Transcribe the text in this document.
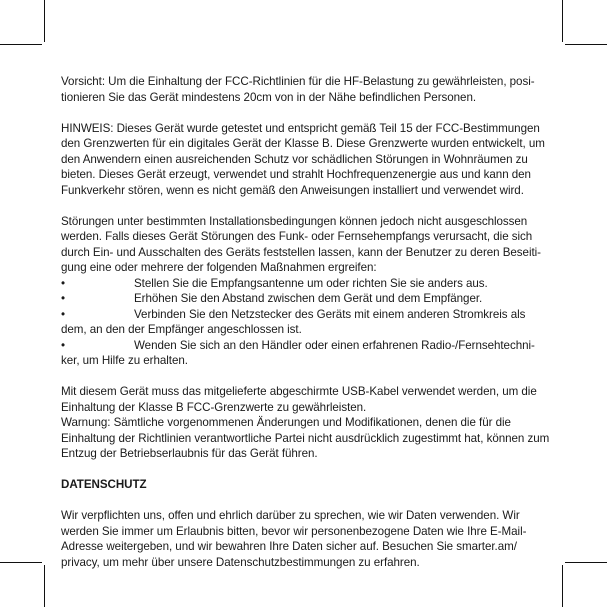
Vorsicht: Um die Einhaltung der FCC-Richtlinien für die HF-Belastung zu gewährleisten, posi- tionieren Sie das Gerät mindestens 20cm von in der Nähe befindlichen Personen.

HINWEIS: Dieses Gerät wurde getestet und entspricht gemäß Teil 15 der FCC-Bestimmungen den Grenzwerten für ein digitales Gerät der Klasse B. Diese Grenzwerte wurden entwickelt, um den Anwendern einen ausreichenden Schutz vor schädlichen Störungen in Wohnräumen zu bieten. Dieses Gerät erzeugt, verwendet und strahlt Hochfrequenzenergie aus und kann den Funkverkehr stören, wenn es nicht gemäß den Anweisungen installiert und verwendet wird.

Störungen unter bestimmten Installationsbedingungen können jedoch nicht ausgeschlossen werden. Falls dieses Gerät Störungen des Funk- oder Fernsehempfangs verursacht, die sich durch Ein- und Ausschalten des Geräts feststellen lassen, kann der Benutzer zu deren Beseiti- gung eine oder mehrere der folgenden Maßnahmen ergreifen:

•	Stellen Sie die Empfangsantenne um oder richten Sie sie anders aus.
•	Erhöhen Sie den Abstand zwischen dem Gerät und dem Empfänger.
•	Verbinden Sie den Netzstecker des Geräts mit einem anderen Stromkreis als dem, an den der Empfänger angeschlossen ist.
•	Wenden Sie sich an den Händler oder einen erfahrenen Radio-/Fernsehtechni- ker, um Hilfe zu erhalten.

Mit diesem Gerät muss das mitgelieferte abgeschirmte USB-Kabel verwendet werden, um die Einhaltung der Klasse B FCC-Grenzwerte zu gewährleisten.

Warnung: Sämtliche vorgenommenen Änderungen und Modifikationen, denen die für die Einhaltung der Richtlinien verantwortliche Partei nicht ausdrücklich zugestimmt hat, können zum Entzug der Betriebserlaubnis für das Gerät führen.

DATENSCHUTZ

Wir verpflichten uns, offen und ehrlich darüber zu sprechen, wie wir Daten verwenden. Wir werden Sie immer um Erlaubnis bitten, bevor wir personenbezogene Daten wie Ihre E-Mail- Adresse weitergeben, und wir bewahren Ihre Daten sicher auf. Besuchen Sie smarter.am/ privacy, um mehr über unsere Datenschutzbestimmungen zu erfahren.
